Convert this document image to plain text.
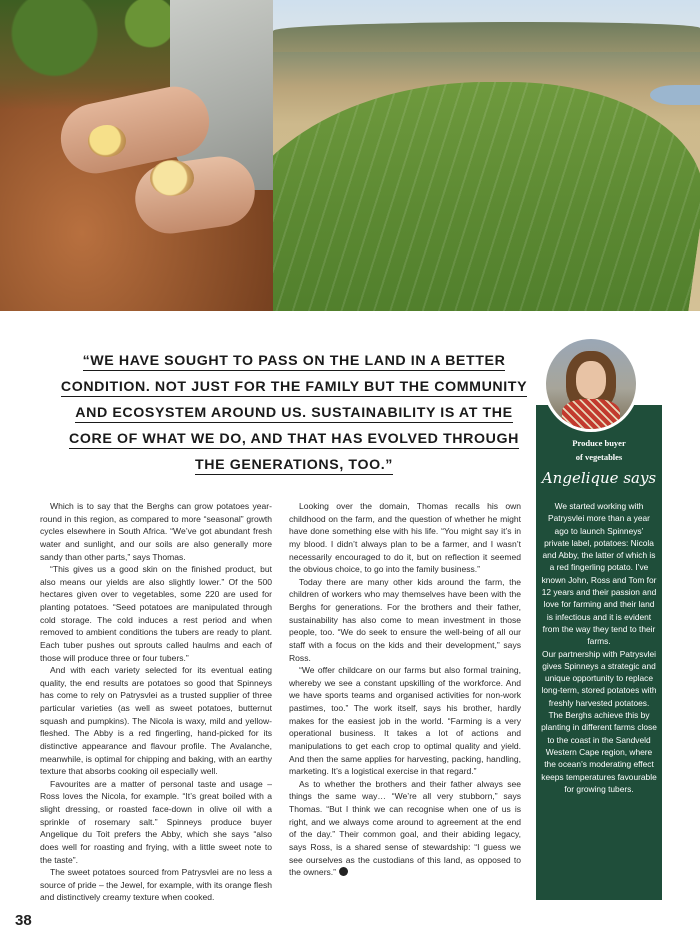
“WE HAVE SOUGHT TO PASS ON THE LAND IN A BETTER
CONDITION. NOT JUST FOR THE FAMILY BUT THE COMMUNITY
AND ECOSYSTEM AROUND US. SUSTAINABILITY IS AT THE
CORE OF WHAT WE DO, AND THAT HAS EVOLVED THROUGH
THE GENERATIONS, TOO.”
Produce buyer
of vegetables
Angelique says
We started working with Patrysvlei more than a year ago to launch Spinneys’ private label, potatoes: Nicola and Abby, the latter of which is a red fingerling potato. I’ve known John, Ross and Tom for 12 years and their passion and love for farming and their land is infectious and it is evident from the way they tend to their farms.
Our partnership with Patrysvlei gives Spinneys a strategic and unique opportunity to replace long-term, stored potatoes with freshly harvested potatoes. The Berghs achieve this by planting in different farms close to the coast in the Sandveld Western Cape region, where the ocean’s moderating effect keeps temperatures favourable for growing tubers.

Which is to say that the Berghs can grow potatoes year-round in this region, as compared to more “seasonal” growth cycles elsewhere in South Africa. “We’ve got abundant fresh water and sunlight, and our soils are also generally more sandy than other parts,” says Thomas.

“This gives us a good skin on the finished product, but also means our yields are also slightly lower.” Of the 500 hectares given over to vegetables, some 220 are used for planting potatoes. “Seed potatoes are manipulated through cold storage. The cold induces a rest period and when removed to ambient conditions the tubers are ready to plant. Each tuber pushes out sprouts called haulms and each of those will produce three or four tubers.”

And with each variety selected for its eventual eating quality, the end results are potatoes so good that Spinneys has come to rely on Patrysvlei as a trusted supplier of three particular varieties (as well as sweet potatoes, butternut squash and pumpkins). The Nicola is waxy, mild and yellow-fleshed. The Abby is a red fingerling, hand-picked for its distinctive appearance and flavour profile. The Avalanche, meanwhile, is optimal for chipping and baking, with an earthy texture that absorbs cooking oil especially well.

Favourites are a matter of personal taste and usage – Ross loves the Nicola, for example. “It’s great boiled with a slight dressing, or roasted face-down in olive oil with a sprinkle of rosemary salt.” Spinneys produce buyer Angelique du Toit prefers the Abby, which she says “also does well for roasting and frying, with a little sweet note to the taste”.

The sweet potatoes sourced from Patrysvlei are no less a source of pride – the Jewel, for example, with its orange flesh and distinctively creamy texture when cooked.

Looking over the domain, Thomas recalls his own childhood on the farm, and the question of whether he might have done something else with his life. “You might say it’s in my blood. I didn’t always plan to be a farmer, and I wasn’t necessarily encouraged to do it, but on reflection it seemed the obvious choice, to go into the family business.”

Today there are many other kids around the farm, the children of workers who may themselves have been with the Berghs for generations. For the brothers and their father, sustainability has also come to mean investment in those people, too. “We do seek to ensure the well-being of all our staff with a focus on the kids and their development,” says Ross.

“We offer childcare on our farms but also formal training, whereby we see a constant upskilling of the workforce. And we have sports teams and organised activities for non-work pastimes, too.” The work itself, says his brother, hardly makes for the easiest job in the world. “Farming is a very operational business. It takes a lot of actions and manipulations to get each crop to optimal quality and yield. And then the same applies for harvesting, packing, handling, marketing. It’s a logistical exercise in that regard.”

As to whether the brothers and their father always see things the same way… “We’re all very stubborn,” says Thomas. “But I think we can recognise when one of us is right, and we always come around to agreement at the end of the day.” Their common goal, and their abiding legacy, says Ross, is a shared sense of stewardship: “I guess we see ourselves as the custodians of this land, as opposed to the owners.”

38
